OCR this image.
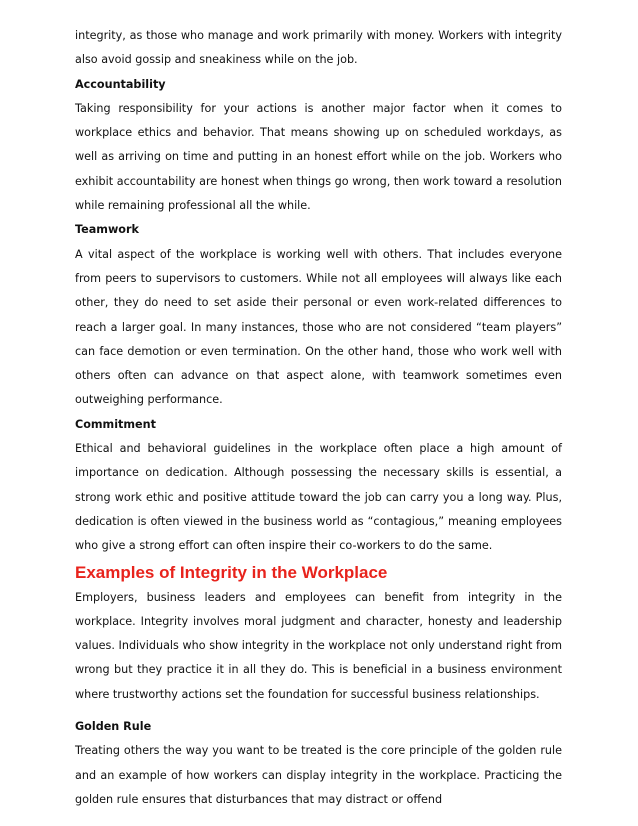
integrity, as those who manage and work primarily with money. Workers with integrity also avoid gossip and sneakiness while on the job.

Accountability

Taking responsibility for your actions is another major factor when it comes to workplace ethics and behavior. That means showing up on scheduled workdays, as well as arriving on time and putting in an honest effort while on the job. Workers who exhibit accountability are honest when things go wrong, then work toward a resolution while remaining professional all the while.

Teamwork

A vital aspect of the workplace is working well with others. That includes everyone from peers to supervisors to customers. While not all employees will always like each other, they do need to set aside their personal or even work-related differences to reach a larger goal. In many instances, those who are not considered “team players” can face demotion or even termination. On the other hand, those who work well with others often can advance on that aspect alone, with teamwork sometimes even outweighing performance.

Commitment

Ethical and behavioral guidelines in the workplace often place a high amount of importance on dedication. Although possessing the necessary skills is essential, a strong work ethic and positive attitude toward the job can carry you a long way. Plus, dedication is often viewed in the business world as “contagious,” meaning employees who give a strong effort can often inspire their co-workers to do the same.

Examples of Integrity in the Workplace

Employers, business leaders and employees can benefit from integrity in the workplace. Integrity involves moral judgment and character, honesty and leadership values. Individuals who show integrity in the workplace not only understand right from wrong but they practice it in all they do. This is beneficial in a business environment where trustworthy actions set the foundation for successful business relationships.

Golden Rule

Treating others the way you want to be treated is the core principle of the golden rule and an example of how workers can display integrity in the workplace. Practicing the golden rule ensures that disturbances that may distract or offend
